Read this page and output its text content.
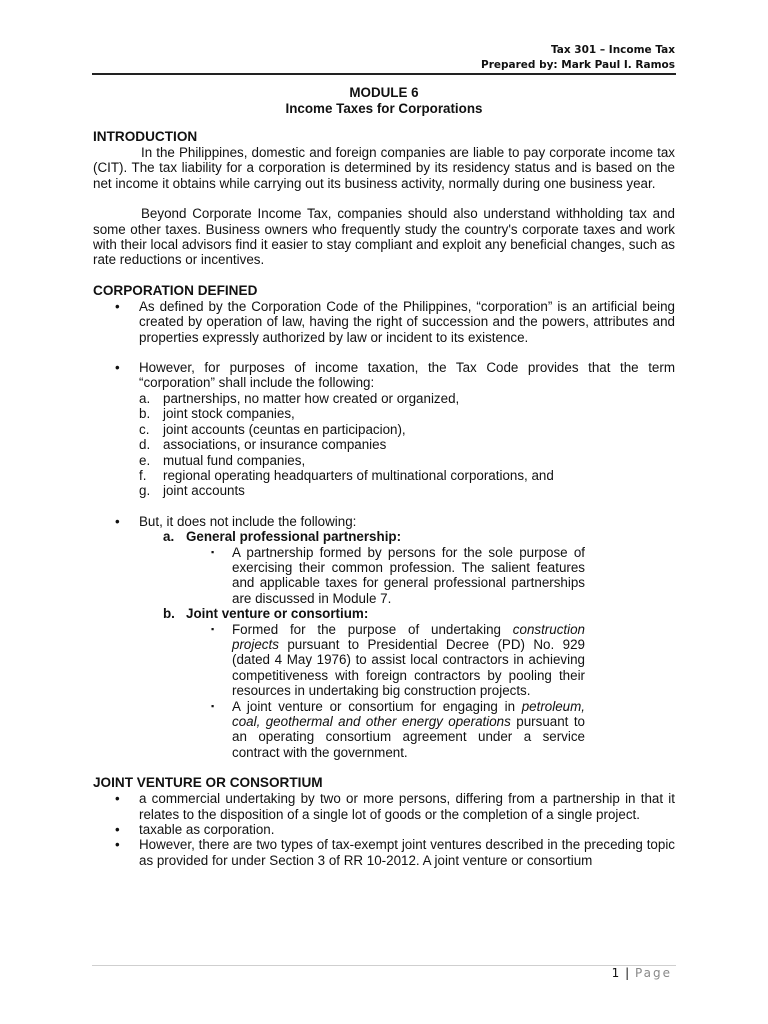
Tax 301 – Income Tax
Prepared by: Mark Paul I. Ramos
MODULE 6
Income Taxes for Corporations
INTRODUCTION

In the Philippines, domestic and foreign companies are liable to pay corporate income tax (CIT). The tax liability for a corporation is determined by its residency status and is based on the net income it obtains while carrying out its business activity, normally during one business year.

Beyond Corporate Income Tax, companies should also understand withholding tax and some other taxes. Business owners who frequently study the country's corporate taxes and work with their local advisors find it easier to stay compliant and exploit any beneficial changes, such as rate reductions or incentives.

CORPORATION DEFINED
• As defined by the Corporation Code of the Philippines, “corporation” is an artificial being created by operation of law, having the right of succession and the powers, attributes and properties expressly authorized by law or incident to its existence.
• However, for purposes of income taxation, the Tax Code provides that the term “corporation” shall include the following:
a. partnerships, no matter how created or organized,
b. joint stock companies,
c. joint accounts (ceuntas en participacion),
d. associations, or insurance companies
e. mutual fund companies,
f. regional operating headquarters of multinational corporations, and
g. joint accounts
• But, it does not include the following:
a. General professional partnership:
▪ A partnership formed by persons for the sole purpose of exercising their common profession. The salient features and applicable taxes for general professional partnerships are discussed in Module 7.
b. Joint venture or consortium:
▪ Formed for the purpose of undertaking construction projects pursuant to Presidential Decree (PD) No. 929 (dated 4 May 1976) to assist local contractors in achieving competitiveness with foreign contractors by pooling their resources in undertaking big construction projects.
▪ A joint venture or consortium for engaging in petroleum, coal, geothermal and other energy operations pursuant to an operating consortium agreement under a service contract with the government.
JOINT VENTURE OR CONSORTIUM
• a commercial undertaking by two or more persons, differing from a partnership in that it relates to the disposition of a single lot of goods or the completion of a single project.
• taxable as corporation.
• However, there are two types of tax-exempt joint ventures described in the preceding topic as provided for under Section 3 of RR 10-2012. A joint venture or consortium
1 | Page
